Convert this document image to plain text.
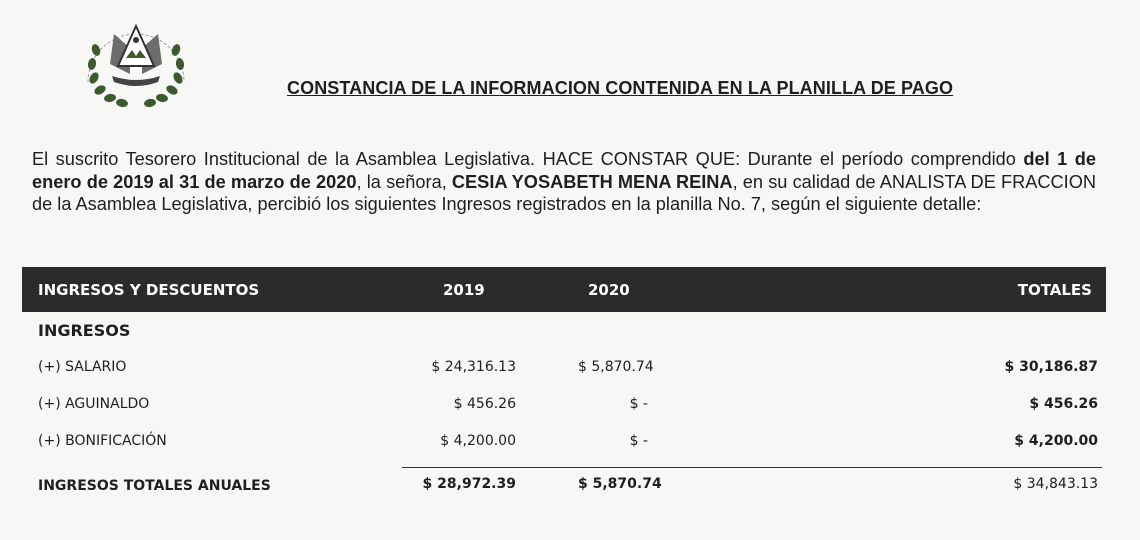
CONSTANCIA DE LA INFORMACION CONTENIDA EN LA PLANILLA DE PAGO
El suscrito Tesorero Institucional de la Asamblea Legislativa. HACE CONSTAR QUE: Durante el período comprendido del 1 de enero de 2019 al 31 de marzo de 2020, la señora, CESIA YOSABETH MENA REINA, en su calidad de ANALISTA DE FRACCION de la Asamblea Legislativa, percibió los siguientes Ingresos registrados en la planilla No. 7, según el siguiente detalle:
INGRESOS Y DESCUENTOS	2019	2020	TOTALES
INGRESOS
(+) SALARIO	$ 24,316.13	$ 5,870.74	$ 30,186.87
(+) AGUINALDO	$ 456.26	$ -	$ 456.26
(+) BONIFICACIÓN	$ 4,200.00	$ -	$ 4,200.00
INGRESOS TOTALES ANUALES	$ 28,972.39	$ 5,870.74	$ 34,843.13
